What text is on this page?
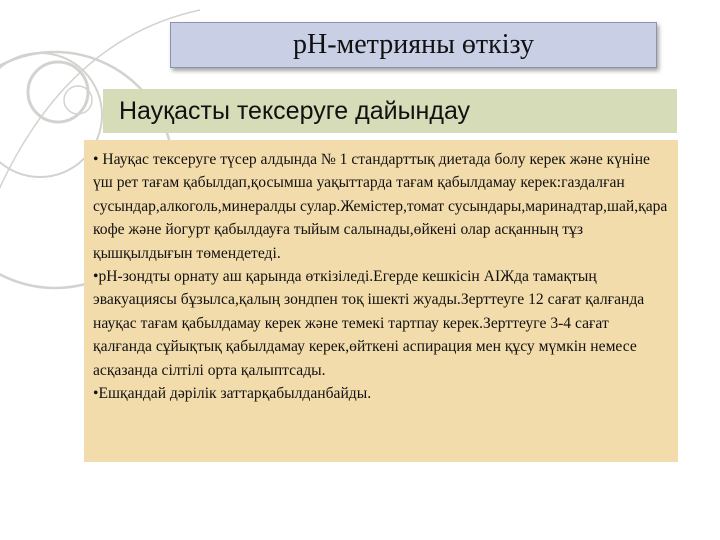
рН-метрияны өткізу
Науқасты тексеруге дайындау

• Науқас тексеруге түсер алдында № 1 стандарттық диетада болу керек және күніне үш рет тағам қабылдап,қосымша уақыттарда тағам қабылдамау керек:газдалған сусындар,алкоголь,минералды сулар.Жемістер,томат сусындары,маринадтар,шай,қара кофе және йогурт қабылдауға тыйым салынады,өйкені олар асқанның тұз қышқылдығын төмендетеді.

•рН-зондты орнату аш қарында өткізіледі.Егерде кешкісін АІЖда тамақтың эвакуациясы бұзылса,қалың зондпен тоқ ішекті жуады.Зерттеуге 12 сағат қалғанда науқас тағам қабылдамау керек және темекі тартпау керек.Зерттеуге 3-4 сағат қалғанда сұйықтық қабылдамау керек,өйткені аспирация мен құсу мүмкін немесе асқазанда сілтілі орта қалыптсады.

•Ешқандай дәрілік заттарқабылданбайды.
